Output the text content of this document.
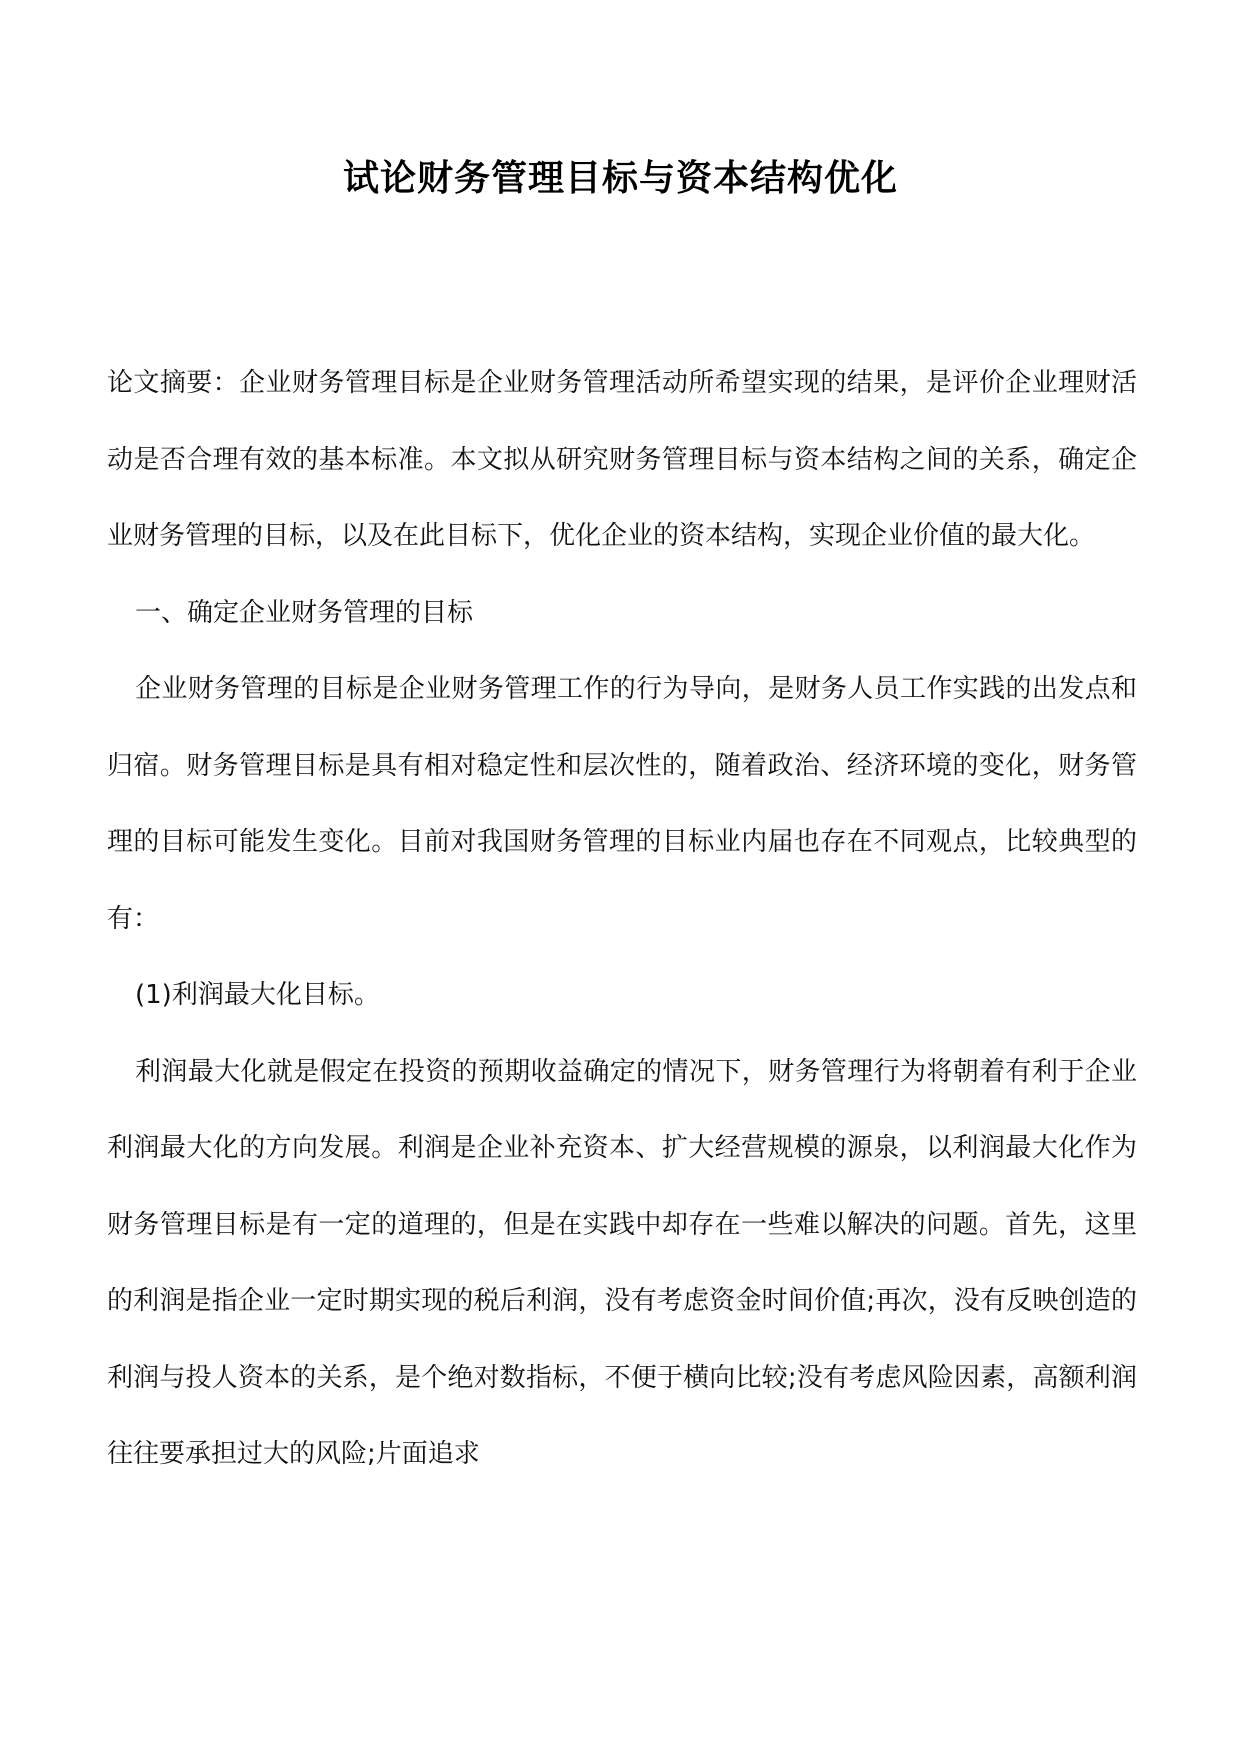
试论财务管理目标与资本结构优化

论文摘要：企业财务管理目标是企业财务管理活动所希望实现的结果，是评价企业理财活动是否合理有效的基本标准。本文拟从研究财务管理目标与资本结构之间的关系，确定企业财务管理的目标，以及在此目标下，优化企业的资本结构，实现企业价值的最大化。

一、确定企业财务管理的目标

企业财务管理的目标是企业财务管理工作的行为导向，是财务人员工作实践的出发点和归宿。财务管理目标是具有相对稳定性和层次性的，随着政治、经济环境的变化，财务管理的目标可能发生变化。目前对我国财务管理的目标业内届也存在不同观点，比较典型的有：

(1)利润最大化目标。

利润最大化就是假定在投资的预期收益确定的情况下，财务管理行为将朝着有利于企业利润最大化的方向发展。利润是企业补充资本、扩大经营规模的源泉，以利润最大化作为财务管理目标是有一定的道理的，但是在实践中却存在一些难以解决的问题。首先，这里的利润是指企业一定时期实现的税后利润，没有考虑资金时间价值;再次，没有反映创造的利润与投人资本的关系，是个绝对数指标，不便于横向比较;没有考虑风险因素，高额利润往往要承担过大的风险;片面追求
